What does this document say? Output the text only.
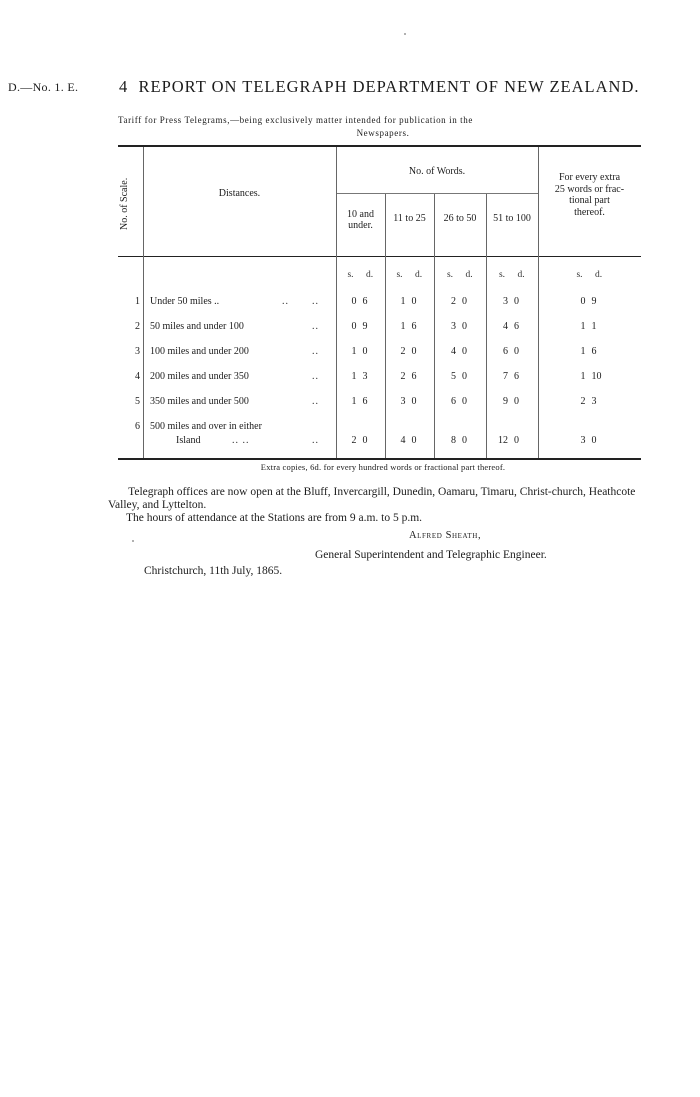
D.—No. 1. E. 4 REPORT ON TELEGRAPH DEPARTMENT OF NEW ZEALAND.
Tariff for Press Telegrams,—being exclusively matter intended for publication in the
Newspapers.
No. of Scale.	Distances.
No. of Words.
10 and
under.
11 to 25	26 to 50	51 to 100
For every extra
25 words or frac-
tional part
thereof.
s.	d.	s.	d.	s.	d.	s.	d.	s.	d.
1 Under 50 miles ..	..	0 6	1 0	2 0	3 0	0 9
2 50 miles and under 100	..	0 9	1 6	3 0	4 6	1 1
3 100 miles and under 200	..	1 0	2 0	4 0	6 0	1 6
4 200 miles and under 350	..	1 3	2 6	5 0	7 6	1 10
5 350 miles and under 500	..	1 6	3 0	6 0	9 0	2 3
6 500 miles and over in either
Island	..	2 0	4 0	8 0	12 0	3 0
..
.. ..
Extra copies, 6d. for every hundred words or fractional part thereof.
Telegraph offices are now open at the Bluff, Invercargill, Dunedin, Oamaru, Timaru, Christ-church, Heathcote Valley, and Lyttelton.
The hours of attendance at the Stations are from 9 a.m. to 5 p.m.
Alfred Sheath,
General Superintendent and Telegraphic Engineer.
Christchurch, 11th July, 1865.
